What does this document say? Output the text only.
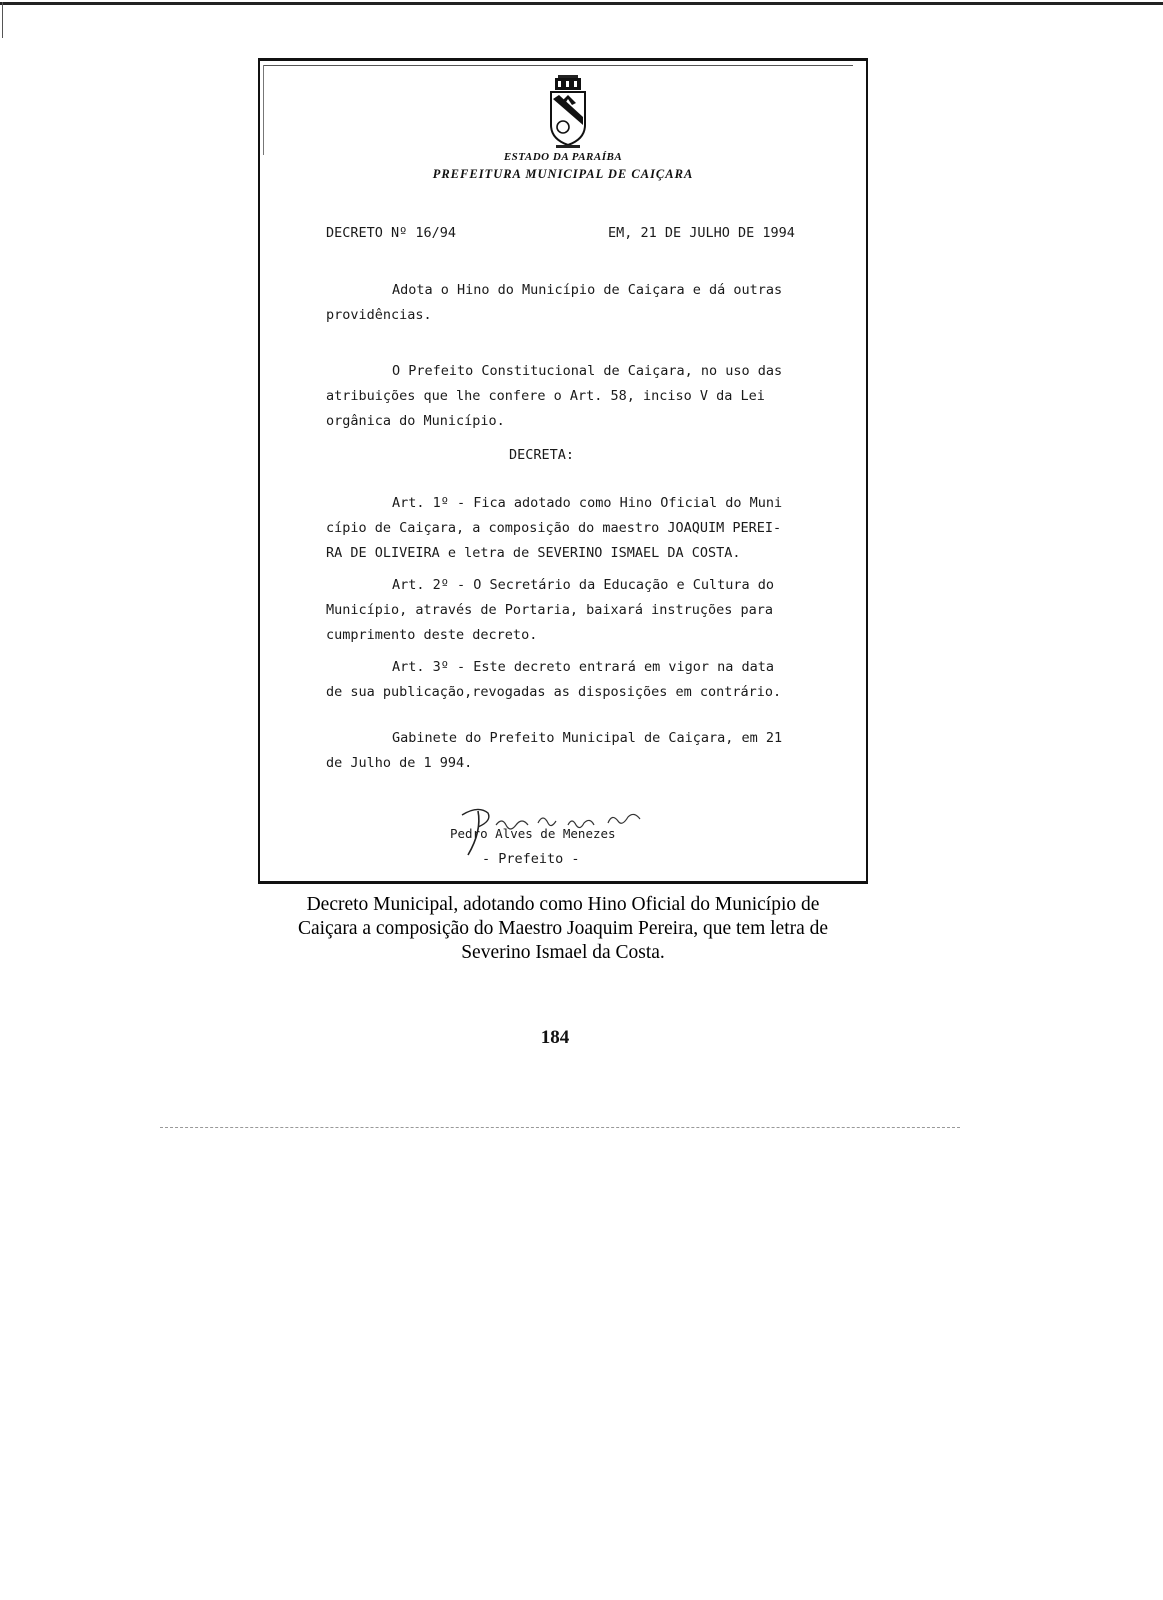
ESTADO DA PARAÍBA
PREFEITURA MUNICIPAL DE CAIÇARA
DECRETO Nº 16/94	EM, 21 DE JULHO DE 1994
Adota o Hino do Município de Caiçara e dá outras
providências.
O Prefeito Constitucional de Caiçara, no uso das
atribuições que lhe confere o Art. 58, inciso V da Lei
orgânica do Município.
DECRETA:
Art. 1º - Fica adotado como Hino Oficial do Muni
cípio de Caiçara, a composição do maestro JOAQUIM PEREI-
RA DE OLIVEIRA e letra de SEVERINO ISMAEL DA COSTA.
Art. 2º - O Secretário da Educação e Cultura do
Município, através de Portaria, baixará instruções para
cumprimento deste decreto.
Art. 3º - Este decreto entrará em vigor na data
de sua publicação,revogadas as disposições em contrário.
Gabinete do Prefeito Municipal de Caiçara, em 21
de Julho de 1 994.
Pedro Alves de Menezes
- Prefeito -
Decreto Municipal, adotando como Hino Oficial do Município de
Caiçara a composição do Maestro Joaquim Pereira, que tem letra de
Severino Ismael da Costa.
184
